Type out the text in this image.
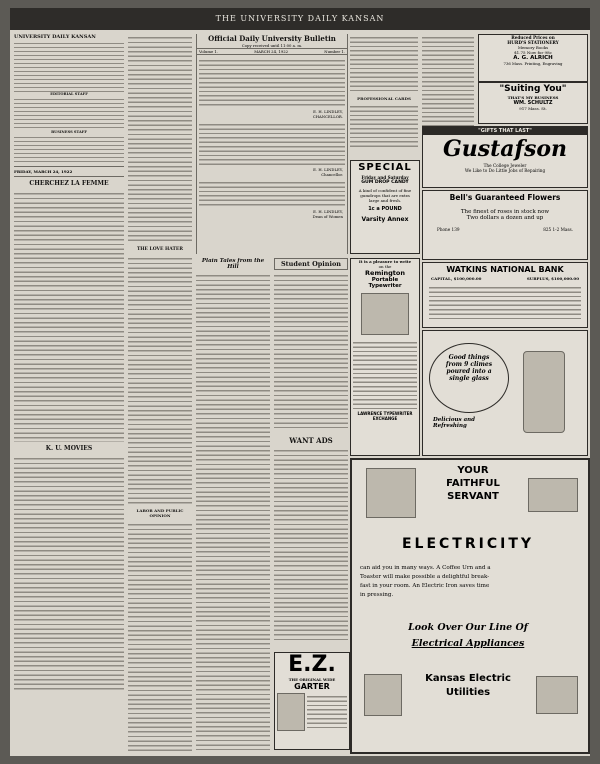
THE UNIVERSITY DAILY KANSAN
UNIVERSITY DAILY KANSAN
EDITORIAL STAFF
BUSINESS STAFF
FRIDAY, MARCH 24, 1922
CHERCHEZ LA FEMME
K. U. MOVIES
THE LOVE HATER
LABOR AND PUBLIC OPINION
Official Daily University Bulletin
Copy received until 11:00 a. m.
Volume 1.	MARCH 24, 1922	Number 1.
E. H. LINDLEY,
CHANCELLOR.
E. H. LINDLEY,
Chancellor.
E. H. LINDLEY,
Dean of Women
Plain Tales from the Hill	Student Opinion
WANT ADS
E.Z.
THE ORIGINAL WIDE
GARTER
PROFESSIONAL CARDS
Reduced Prices on
HURD'S STATIONERY
Memory Books
$1.75 Now for 98c
A. G. ALRICH
736 Mass. Printing, Engraving
"Suiting You"
THAT'S MY BUSINESS
WM. SCHULTZ
917 Mass. St.
"GIFTS THAT LAST"
Gustafson
The College Jeweler
We Like to Do Little Jobs of Repairing
SPECIAL
Friday and Saturday
GUM DROP CANDY
A kind of confident of fine
gumdrops that are extra
large and fresh.
1c a POUND
Varsity Annex
Bell's Guaranteed Flowers
The finest of roses in stock now
Two dollars a dozen and up
Phone 139	825 1-2 Mass.
It is a pleasure to write
on the
Remington
Portable
Typewriter
LAWRENCE TYPEWRITER
EXCHANGE
WATKINS NATIONAL BANK
CAPITAL, $100,000.00	SURPLUS, $100,000.00
Good things
from 9 climes
poured into a
single glass
Delicious and
Refreshing
YOUR
FAITHFUL
SERVANT
ELECTRICITY
can aid you in many ways. A Coffee Urn and a
Toaster will make possible a delightful break-
fast in your room. An Electric Iron saves time
in pressing.
Look Over Our Line Of
Electrical Appliances
Kansas Electric
Utilities
